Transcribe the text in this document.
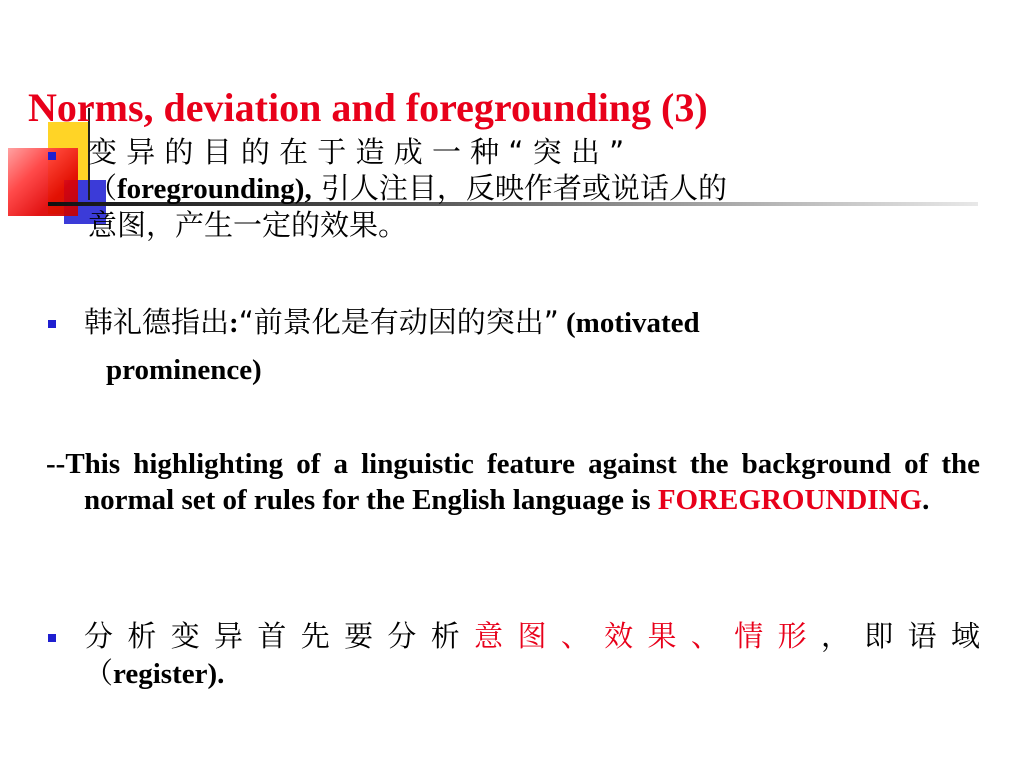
Norms, deviation and foregrounding (3)
变 异 的 目 的 在 于 造 成 一 种 “ 突 出 ”
（foregrounding), 引人注目，反映作者或说话人的
意图，产生一定的效果。
韩礼德指出:“前景化是有动因的突出” (motivated
prominence)
--This highlighting of a linguistic feature against the background of the normal set of rules for the English language is FOREGROUNDING.
分析变异首先要分析意图、效果、情形，即语域
（register).
